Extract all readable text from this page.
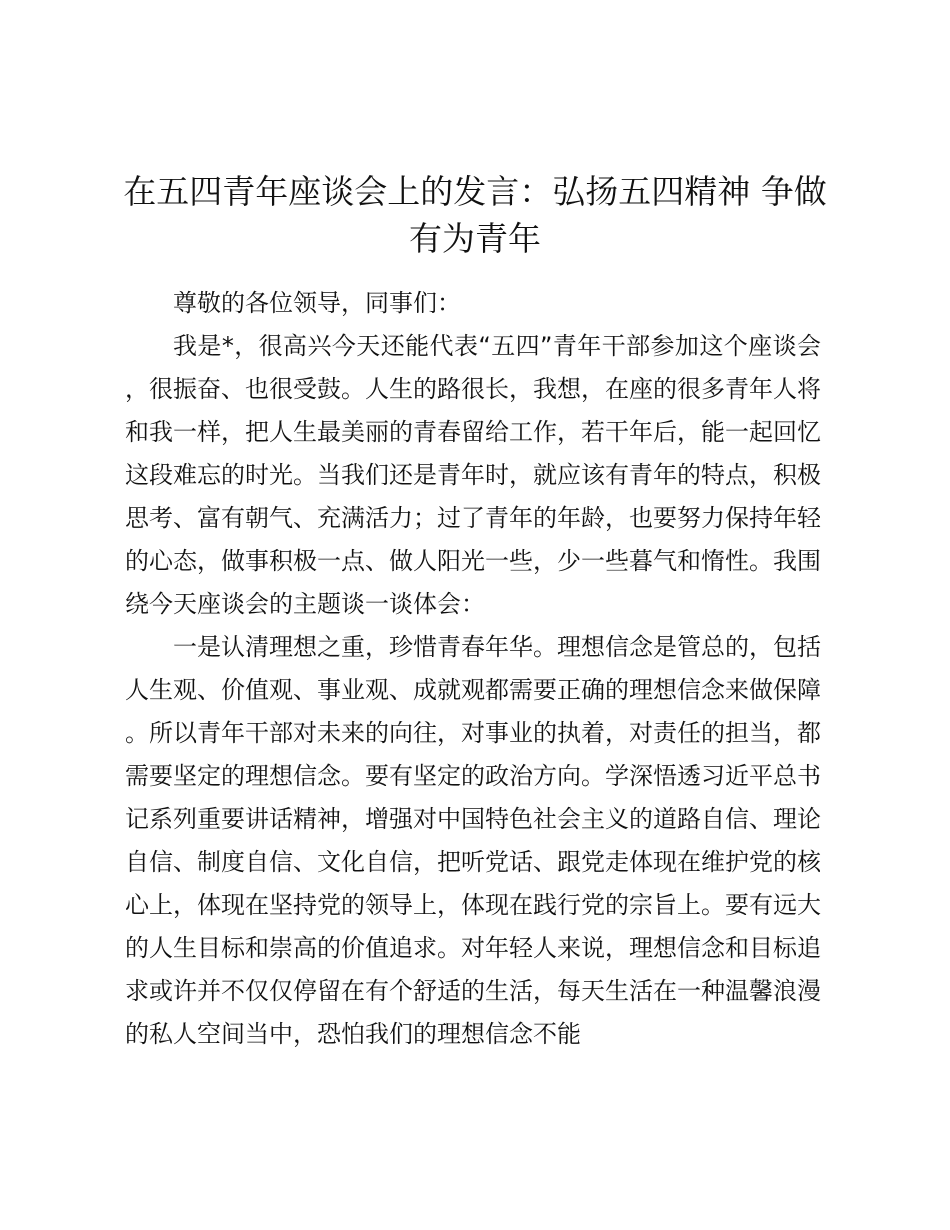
在五四青年座谈会上的发言：弘扬五四精神 争做有为青年

尊敬的各位领导，同事们：

我是*，很高兴今天还能代表“五四”青年干部参加这个座谈会，很振奋、也很受鼓。人生的路很长，我想，在座的很多青年人将和我一样，把人生最美丽的青春留给工作，若干年后，能一起回忆这段难忘的时光。当我们还是青年时，就应该有青年的特点，积极思考、富有朝气、充满活力；过了青年的年龄，也要努力保持年轻的心态，做事积极一点、做人阳光一些，少一些暮气和惰性。我围绕今天座谈会的主题谈一谈体会：

一是认清理想之重，珍惜青春年华。理想信念是管总的，包括人生观、价值观、事业观、成就观都需要正确的理想信念来做保障。所以青年干部对未来的向往，对事业的执着，对责任的担当，都需要坚定的理想信念。要有坚定的政治方向。学深悟透习近平总书记系列重要讲话精神，增强对中国特色社会主义的道路自信、理论自信、制度自信、文化自信，把听党话、跟党走体现在维护党的核心上，体现在坚持党的领导上，体现在践行党的宗旨上。要有远大的人生目标和崇高的价值追求。对年轻人来说，理想信念和目标追求或许并不仅仅停留在有个舒适的生活，每天生活在一种温馨浪漫的私人空间当中，恐怕我们的理想信念不能
